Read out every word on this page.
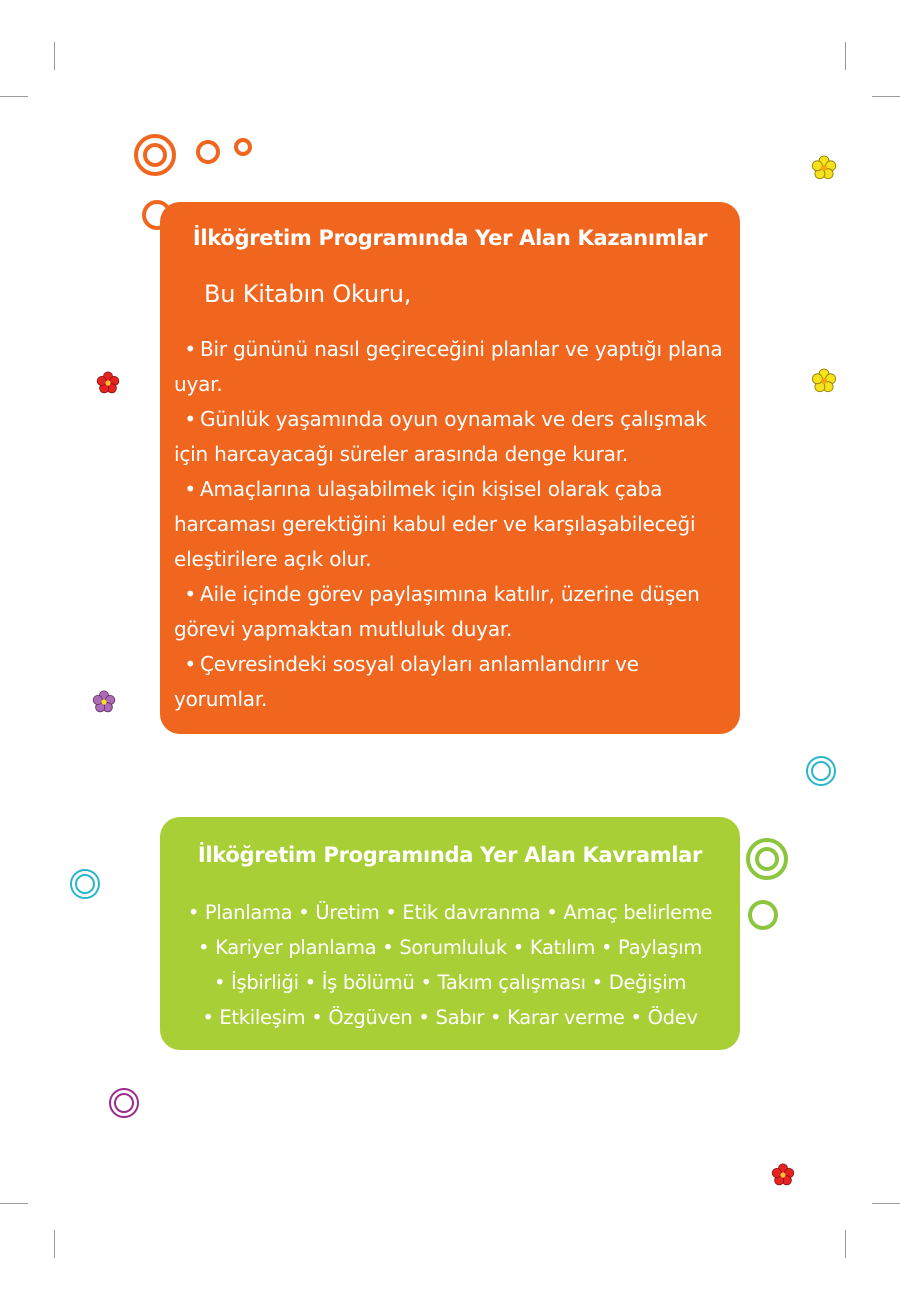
İlköğretim Programında Yer Alan Kazanımlar
Bu Kitabın Okuru,

• Bir gününü nasıl geçireceğini planlar ve yaptığı plana uyar.

• Günlük yaşamında oyun oynamak ve ders çalışmak için harcayacağı süreler arasında denge kurar.

• Amaçlarına ulaşabilmek için kişisel olarak çaba harcaması gerektiğini kabul eder ve karşılaşabileceği eleştirilere açık olur.

• Aile içinde görev paylaşımına katılır, üzerine düşen görevi yapmaktan mutluluk duyar.

• Çevresindeki sosyal olayları anlamlandırır ve yorumlar.

İlköğretim Programında Yer Alan Kavramlar

• Planlama • Üretim • Etik davranma • Amaç belirleme

• Kariyer planlama • Sorumluluk • Katılım • Paylaşım

• İşbirliği • İş bölümü • Takım çalışması • Değişim

• Etkileşim • Özgüven • Sabır • Karar verme • Ödev
